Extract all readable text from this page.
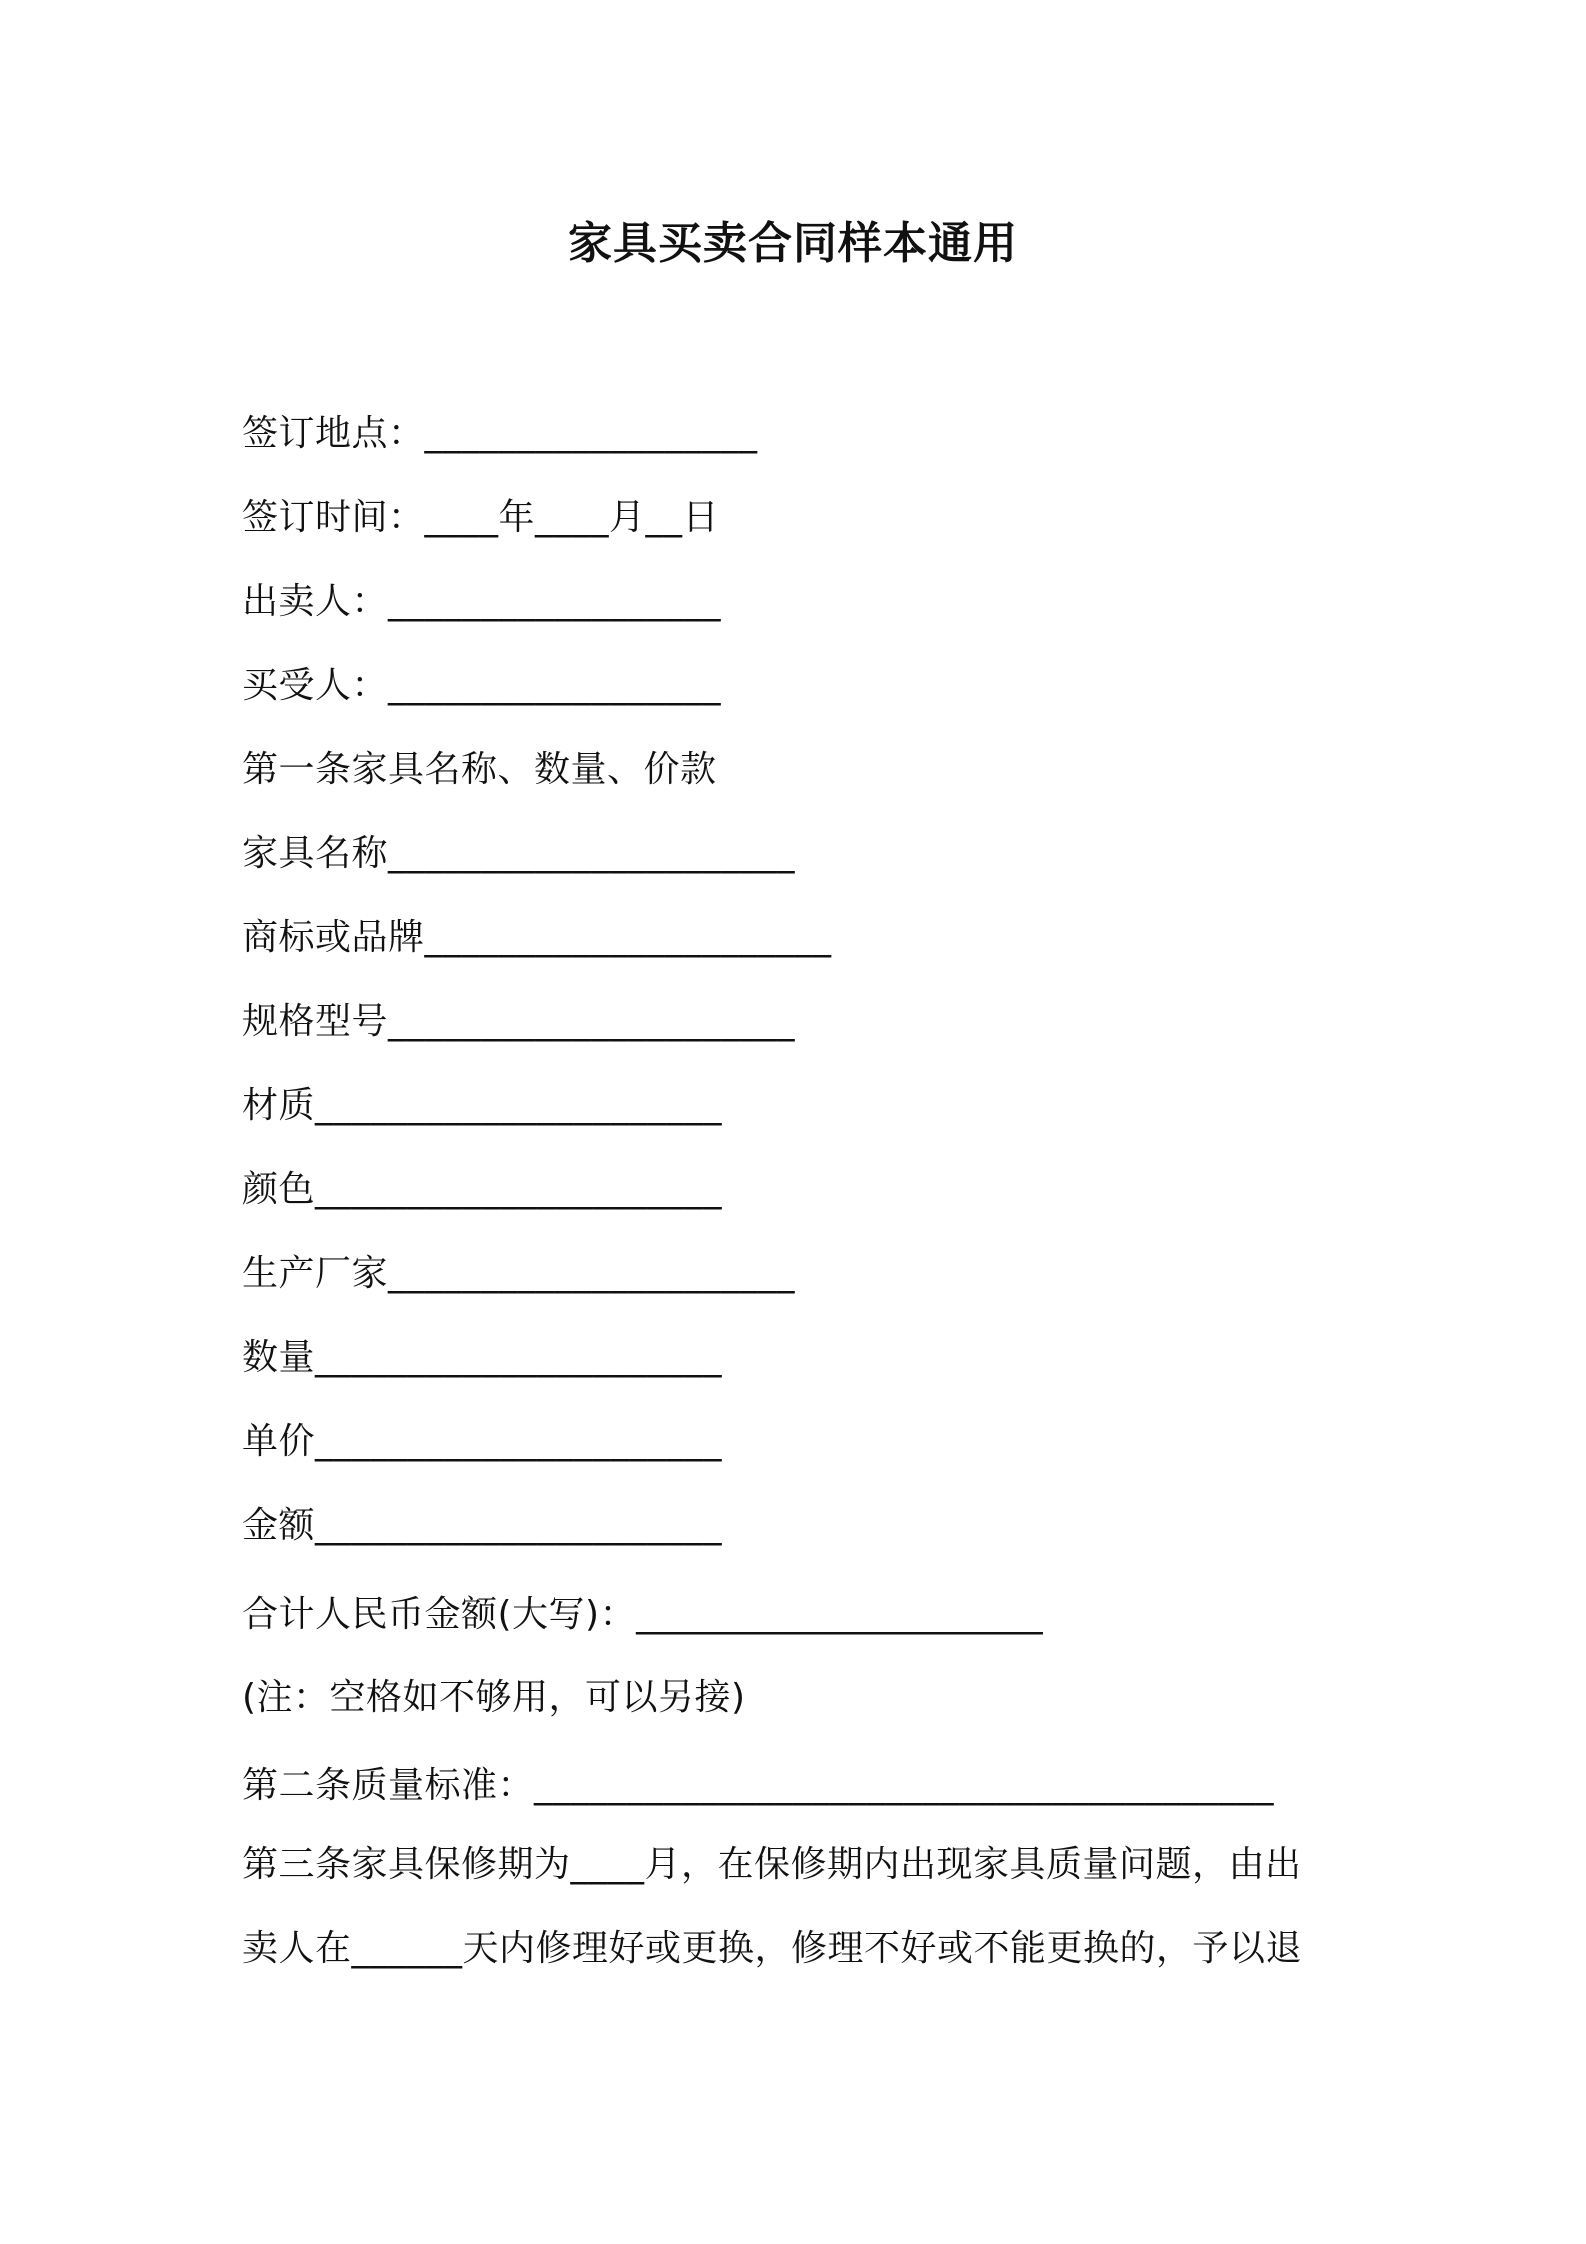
家具买卖合同样本通用
签订地点：__________________
签订时间：____年____月__日
出卖人：__________________
买受人：__________________
第一条家具名称、数量、价款
家具名称______________________
商标或品牌______________________
规格型号______________________
材质______________________
颜色______________________
生产厂家______________________
数量______________________
单价______________________
金额______________________
合计人民币金额(大写)：______________________
(注：空格如不够用，可以另接)
第二条质量标准：________________________________________
第三条家具保修期为____月，在保修期内出现家具质量问题，由出
卖人在______天内修理好或更换，修理不好或不能更换的，予以退
